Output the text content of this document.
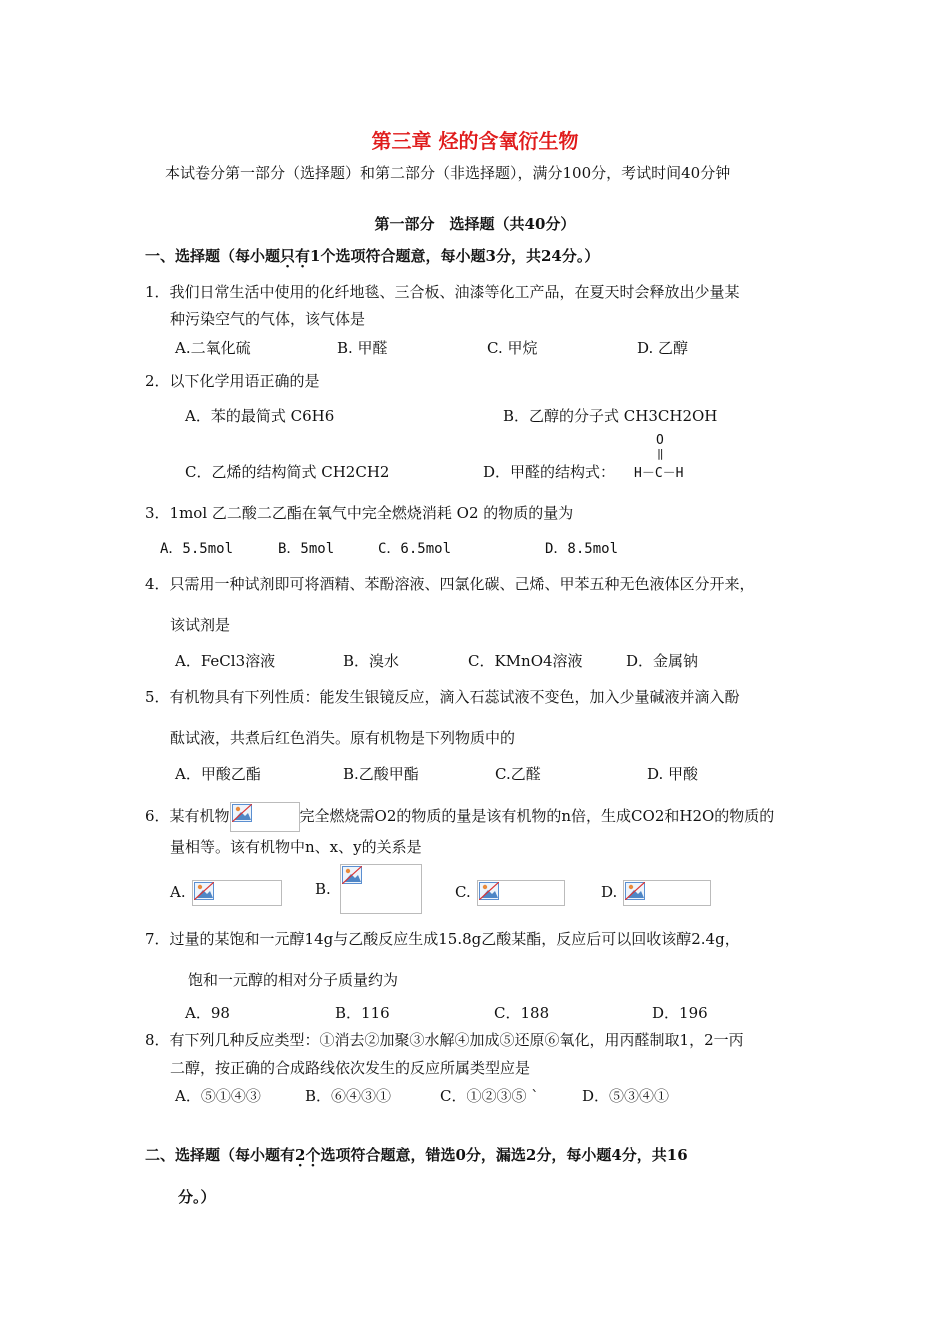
第三章 烃的含氧衍生物
本试卷分第一部分（选择题）和第二部分（非选择题），满分100分，考试时间40分钟
第一部分　选择题（共40分）
一、选择题（每小题只有1个选项符合题意，每小题3分，共24分。）
1．我们日常生活中使用的化纤地毯、三合板、油漆等化工产品，在夏天时会释放出少量某
种污染空气的气体，该气体是
A.二氧化硫	B. 甲醛	C. 甲烷	D. 乙醇
2．以下化学用语正确的是
A．苯的最简式 C6H6	B．乙醇的分子式 CH3CH2OH
C．乙烯的结构简式 CH2CH2	D．甲醛的结构式：
O
‖
H－C－H
3．1mol 乙二酸二乙酯在氧气中完全燃烧消耗 O2 的物质的量为
A．5.5mol	B．5mol	C．6.5mol	D．8.5mol
4．只需用一种试剂即可将酒精、苯酚溶液、四氯化碳、己烯、甲苯五种无色液体区分开来，
该试剂是
A．FeCl3溶液	B．溴水	C．KMnO4溶液	D．金属钠
5．有机物具有下列性质：能发生银镜反应，滴入石蕊试液不变色，加入少量碱液并滴入酚
酞试液，共煮后红色消失。原有机物是下列物质中的
A．甲酸乙酯	B.乙酸甲酯	C.乙醛	D. 甲酸
6．某有机物	完全燃烧需O2的物质的量是该有机物的n倍，生成CO2和H2O的物质的
量相等。该有机物中n、x、y的关系是
A.	B.	C.	D.
7．过量的某饱和一元醇14g与乙酸反应生成15.8g乙酸某酯，反应后可以回收该醇2.4g，
饱和一元醇的相对分子质量约为
A．98	B．116	C．188	D．196
8．有下列几种反应类型：①消去②加聚③水解④加成⑤还原⑥氧化，用丙醛制取1，2一丙
二醇，按正确的合成路线依次发生的反应所属类型应是
A．⑤①④③	B．⑥④③①	C．①②③⑤ `	D．⑤③④①
二、选择题（每小题有2 ·个选项符合题意，错选0分，漏选2分，每小题4分，共16
分。）
